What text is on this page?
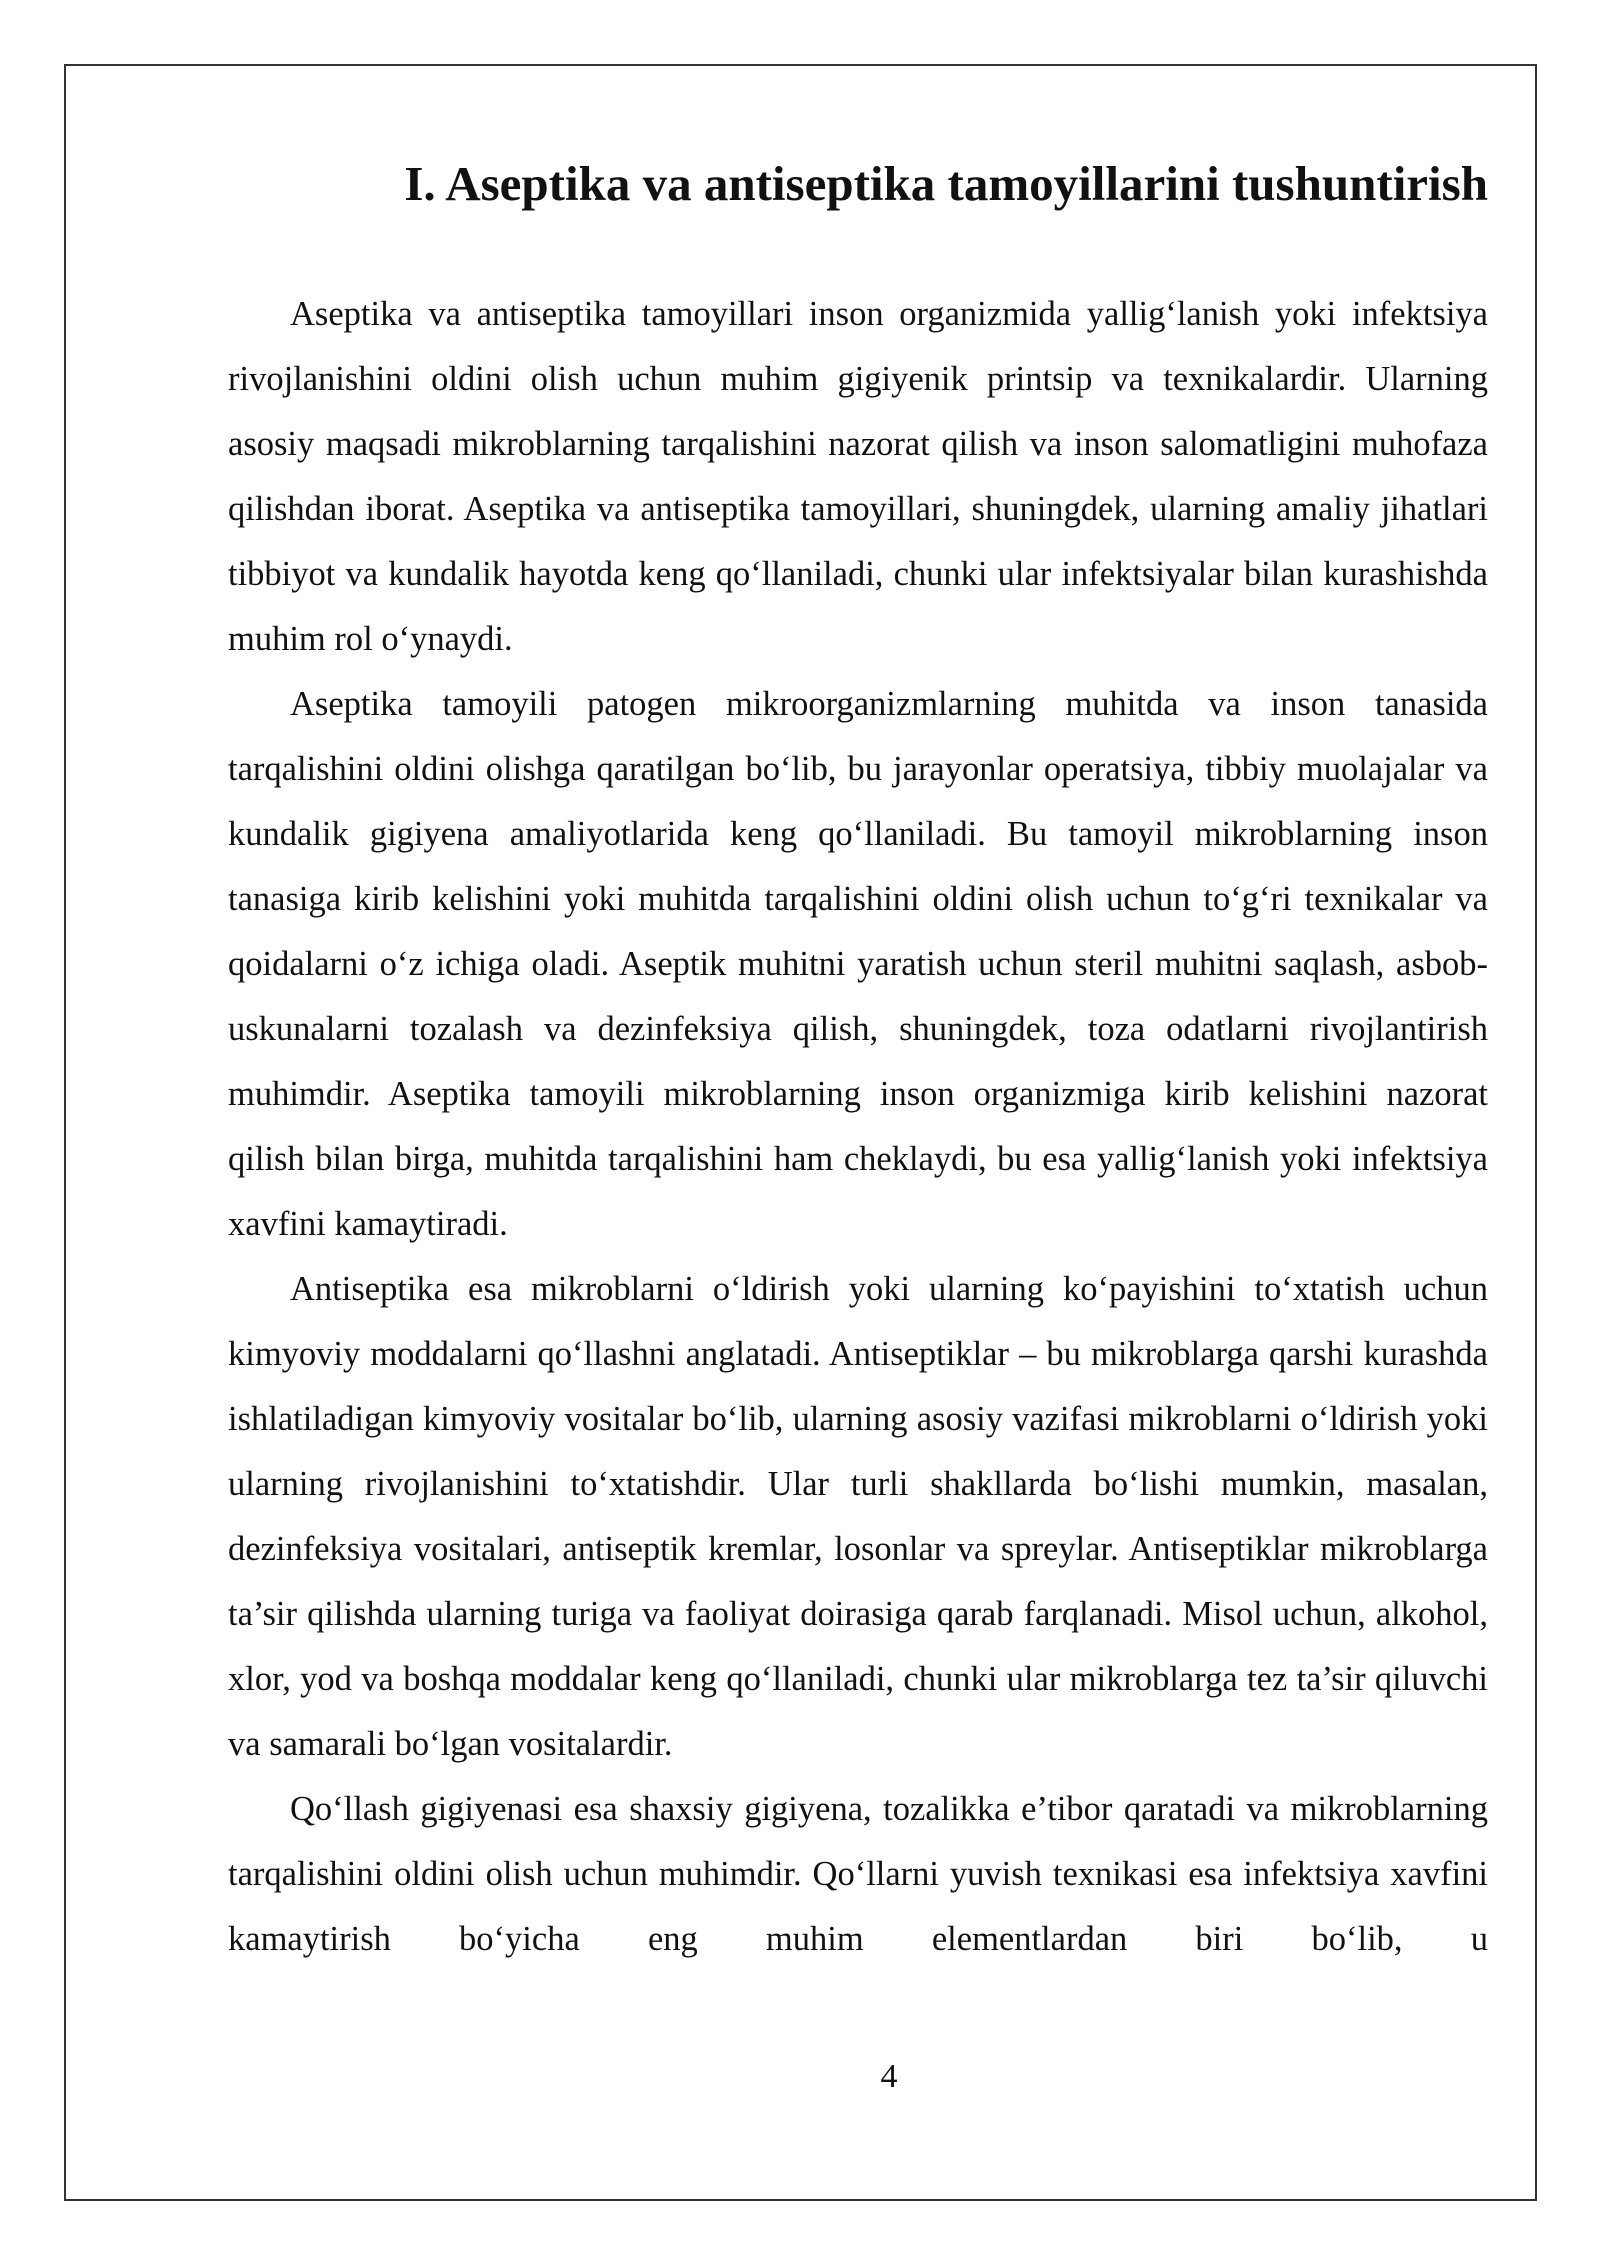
I. Aseptika va antiseptika tamoyillarini tushuntirish

Aseptika va antiseptika tamoyillari inson organizmida yallig‘lanish yoki infektsiya rivojlanishini oldini olish uchun muhim gigiyenik printsip va texnikalardir. Ularning asosiy maqsadi mikroblarning tarqalishini nazorat qilish va inson salomatligini muhofaza qilishdan iborat. Aseptika va antiseptika tamoyillari, shuningdek, ularning amaliy jihatlari tibbiyot va kundalik hayotda keng qo‘llaniladi, chunki ular infektsiyalar bilan kurashishda muhim rol o‘ynaydi.

Aseptika tamoyili patogen mikroorganizmlarning muhitda va inson tanasida tarqalishini oldini olishga qaratilgan bo‘lib, bu jarayonlar operatsiya, tibbiy muolajalar va kundalik gigiyena amaliyotlarida keng qo‘llaniladi. Bu tamoyil mikroblarning inson tanasiga kirib kelishini yoki muhitda tarqalishini oldini olish uchun to‘g‘ri texnikalar va qoidalarni o‘z ichiga oladi. Aseptik muhitni yaratish uchun steril muhitni saqlash, asbob-uskunalarni tozalash va dezinfeksiya qilish, shuningdek, toza odatlarni rivojlantirish muhimdir. Aseptika tamoyili mikroblarning inson organizmiga kirib kelishini nazorat qilish bilan birga, muhitda tarqalishini ham cheklaydi, bu esa yallig‘lanish yoki infektsiya xavfini kamaytiradi.

Antiseptika esa mikroblarni o‘ldirish yoki ularning ko‘payishini to‘xtatish uchun kimyoviy moddalarni qo‘llashni anglatadi. Antiseptiklar – bu mikroblarga qarshi kurashda ishlatiladigan kimyoviy vositalar bo‘lib, ularning asosiy vazifasi mikroblarni o‘ldirish yoki ularning rivojlanishini to‘xtatishdir. Ular turli shakllarda bo‘lishi mumkin, masalan, dezinfeksiya vositalari, antiseptik kremlar, losonlar va spreylar. Antiseptiklar mikroblarga ta’sir qilishda ularning turiga va faoliyat doirasiga qarab farqlanadi. Misol uchun, alkohol, xlor, yod va boshqa moddalar keng qo‘llaniladi, chunki ular mikroblarga tez ta’sir qiluvchi va samarali bo‘lgan vositalardir.

Qo‘llash gigiyenasi esa shaxsiy gigiyena, tozalikka e’tibor qaratadi va mikroblarning tarqalishini oldini olish uchun muhimdir. Qo‘llarni yuvish texnikasi esa infektsiya xavfini kamaytirish bo‘yicha eng muhim elementlardan biri bo‘lib, u

4
